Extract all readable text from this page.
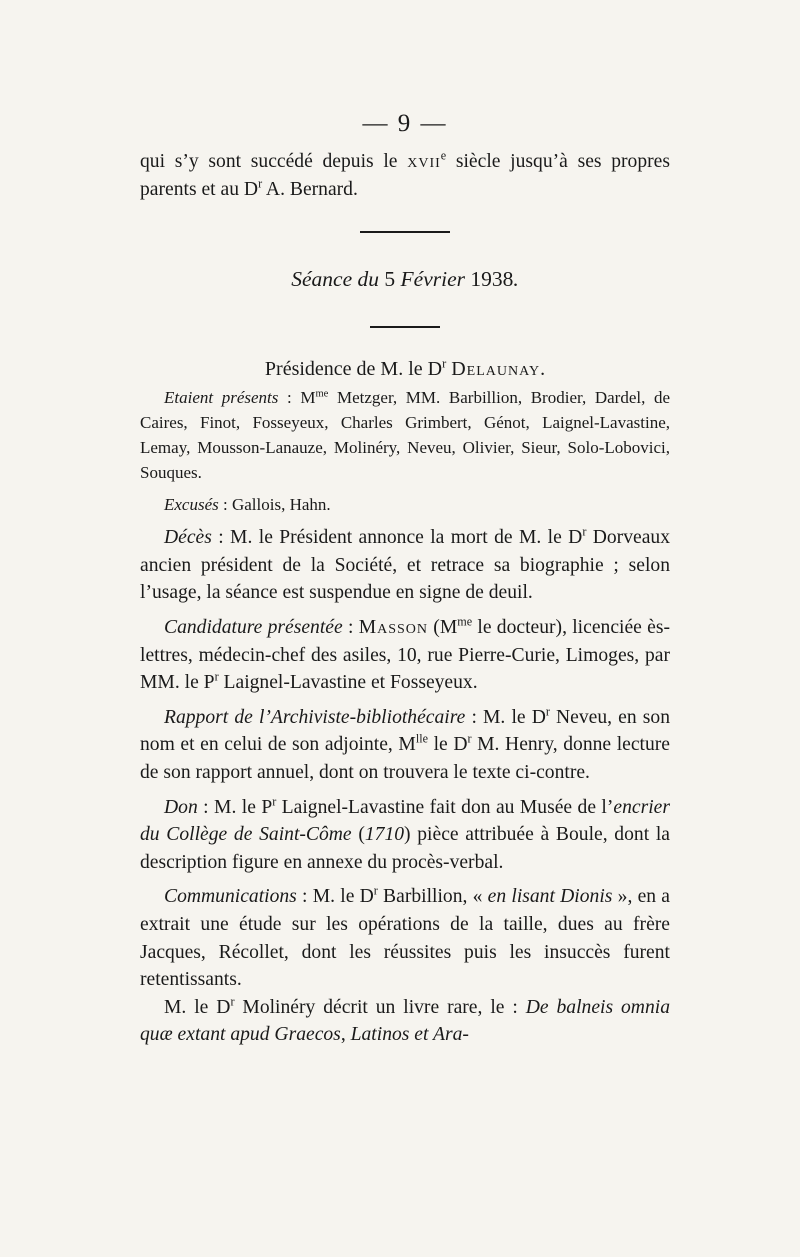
— 9 —

qui s’y sont succédé depuis le xvii$^e$ siècle jusqu’à ses propres parents et au $D^r$ A. Bernard.

Séance du 5 Février 1938.
Présidence de M. le $D^r$ Delaunay.

Etaient présents : $M^{me}$ Metzger, MM. Barbillion, Brodier, Dardel, de Caires, Finot, Fosseyeux, Charles Grimbert, Génot, Laignel-Lavastine, Lemay, Mousson-Lanauze, Molinéry, Neveu, Olivier, Sieur, Solo-Lobovici, Souques.

Excusés : Gallois, Hahn.

Décès : M. le Président annonce la mort de M. le $D^r$ Dorveaux ancien président de la Société, et retrace sa biographie ; selon l’usage, la séance est suspendue en signe de deuil.

Candidature présentée : Masson ($M^{me}$ le docteur), licenciée ès-lettres, médecin-chef des asiles, 10, rue Pierre-Curie, Limoges, par MM. le $P^r$ Laignel-Lavastine et Fosseyeux.

Rapport de l’Archiviste-bibliothécaire : M. le $D^r$ Neveu, en son nom et en celui de son adjointe, $M^{lle}$ le $D^r$ M. Henry, donne lecture de son rapport annuel, dont on trouvera le texte ci-contre.

Don : M. le $P^r$ Laignel-Lavastine fait don au Musée de l’encrier du Collège de Saint-Côme (1710) pièce attribuée à Boule, dont la description figure en annexe du procès-verbal.

Communications : M. le $D^r$ Barbillion, « en lisant Dionis », en a extrait une étude sur les opérations de la taille, dues au frère Jacques, Récollet, dont les réussites puis les insuccès furent retentissants.

M. le $D^r$ Molinéry décrit un livre rare, le : De balneis omnia quæ extant apud Graecos, Latinos et Ara-
